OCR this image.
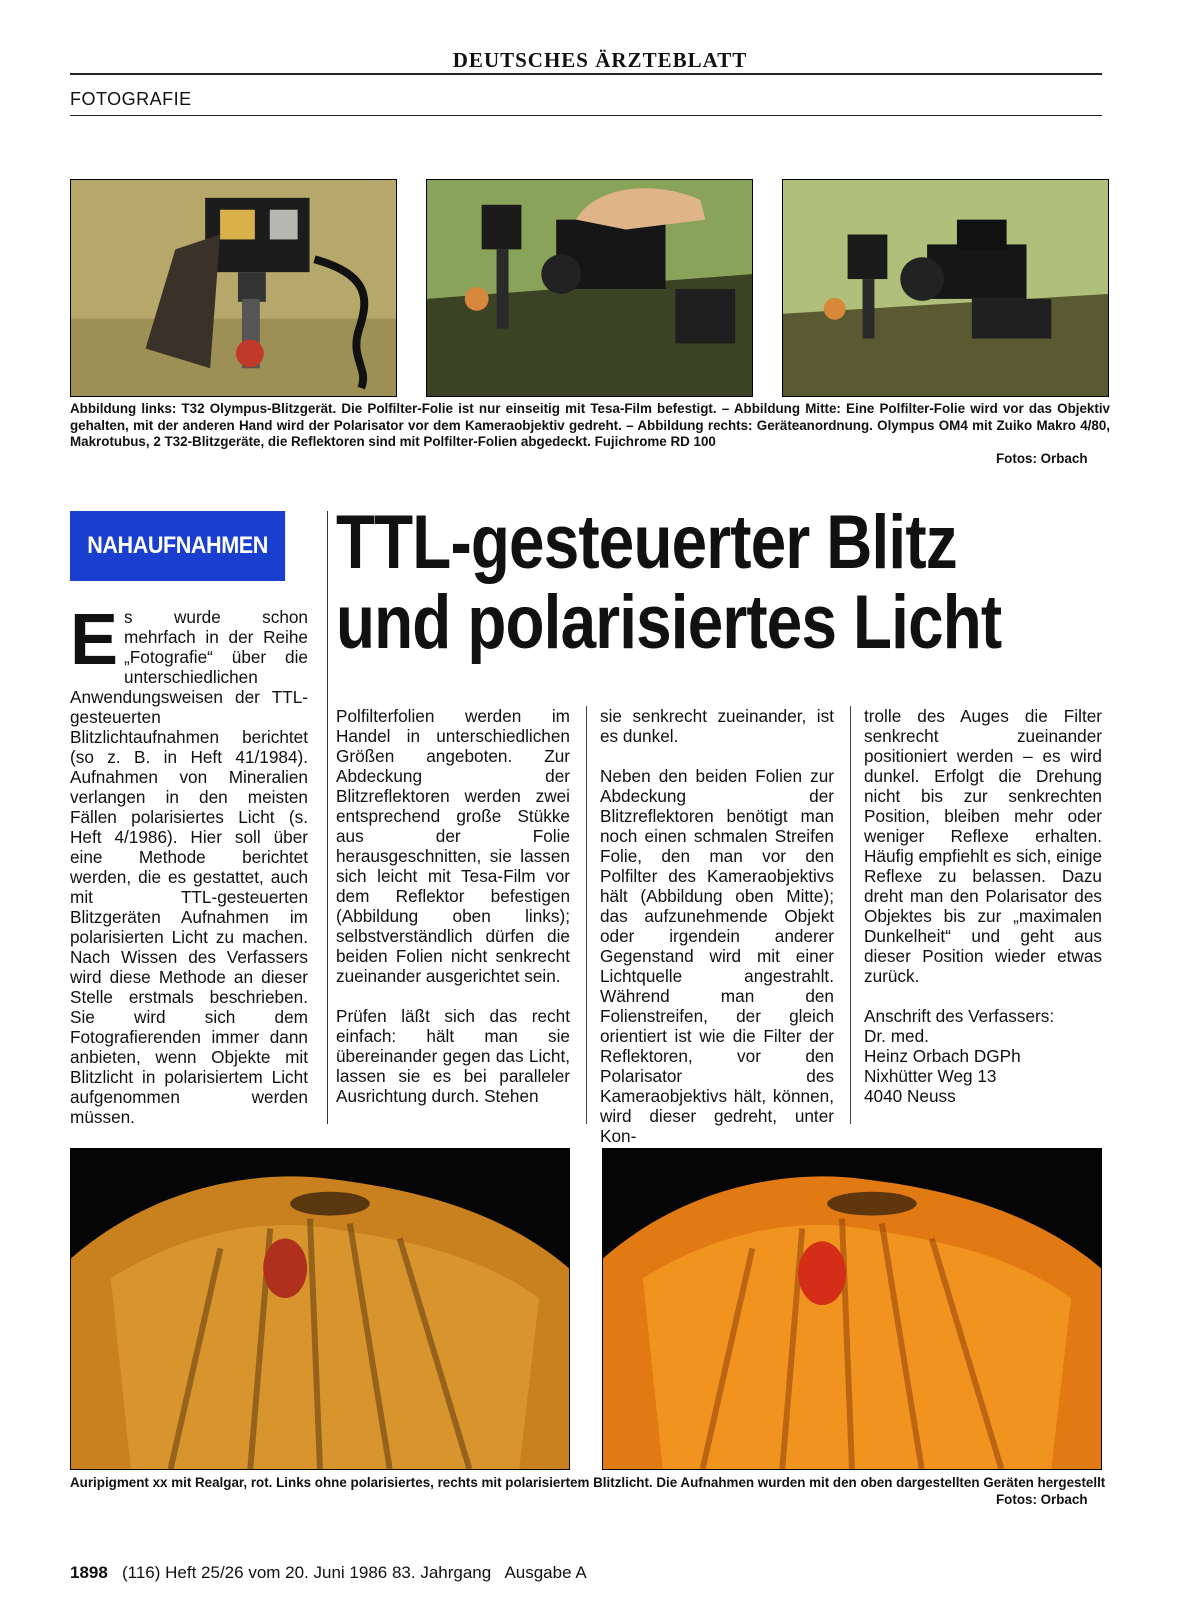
DEUTSCHES ÄRZTEBLATT
FOTOGRAFIE
Abbildung links: T32 Olympus-Blitzgerät. Die Polfilter-Folie ist nur einseitig mit Tesa-Film befestigt. – Abbildung Mitte: Eine Polfilter-Folie wird vor das Objektiv gehalten, mit der anderen Hand wird der Polarisator vor dem Kameraobjektiv gedreht. – Abbildung rechts: Geräteanordnung. Olympus OM4 mit Zuiko Makro 4/80, Makrotubus, 2 T32-Blitzgeräte, die Reflektoren sind mit Polfilter-Folien abgedeckt. Fujichrome RD 100
Fotos: Orbach
NAHAUFNAHMEN TTL-gesteuerter Blitz
und polarisiertes Licht

Es wurde schon mehrfach in der Reihe „Fotografie“ über die unterschiedlichen Anwendungsweisen der TTL-gesteuerten Blitzlichtaufnahmen berichtet (so z. B. in Heft 41/1984). Aufnahmen von Mineralien verlangen in den meisten Fällen polarisiertes Licht (s. Heft 4/1986). Hier soll über eine Methode berichtet werden, die es gestattet, auch mit TTL-gesteuerten Blitzgeräten Aufnahmen im polarisierten Licht zu machen. Nach Wissen des Verfassers wird diese Methode an dieser Stelle erstmals beschrieben. Sie wird sich dem Fotografierenden immer dann anbieten, wenn Objekte mit Blitzlicht in polarisiertem Licht aufgenommen werden müssen.

Polfilterfolien werden im Handel in unterschiedlichen Größen angeboten. Zur Abdeckung der Blitzreflektoren werden zwei entsprechend große Stükke aus der Folie herausgeschnitten, sie lassen sich leicht mit Tesa-Film vor dem Reflektor befestigen (Abbildung oben links); selbstverständlich dürfen die beiden Folien nicht senkrecht zueinander ausgerichtet sein.

Prüfen läßt sich das recht einfach: hält man sie übereinander gegen das Licht, lassen sie es bei paralleler Ausrichtung durch. Stehen

sie senkrecht zueinander, ist es dunkel.

Neben den beiden Folien zur Abdeckung der Blitzreflektoren benötigt man noch einen schmalen Streifen Folie, den man vor den Polfilter des Kameraobjektivs hält (Abbildung oben Mitte); das aufzunehmende Objekt oder irgendein anderer Gegenstand wird mit einer Lichtquelle angestrahlt. Während man den Folienstreifen, der gleich orientiert ist wie die Filter der Reflektoren, vor den Polarisator des Kameraobjektivs hält, können, wird dieser gedreht, unter Kon-

trolle des Auges die Filter senkrecht zueinander positioniert werden – es wird dunkel. Erfolgt die Drehung nicht bis zur senkrechten Position, bleiben mehr oder weniger Reflexe erhalten. Häufig empfiehlt es sich, einige Reflexe zu belassen. Dazu dreht man den Polarisator des Objektes bis zur „maximalen Dunkelheit“ und geht aus dieser Position wieder etwas zurück.

Anschrift des Verfassers:
Dr. med.
Heinz Orbach DGPh
Nixhütter Weg 13
4040 Neuss

Auripigment xx mit Realgar, rot. Links ohne polarisiertes, rechts mit polarisiertem Blitzlicht. Die Aufnahmen wurden mit den oben dargestellten Geräten hergestellt
Fotos: Orbach
1898 (116) Heft 25/26 vom 20. Juni 1986 83. Jahrgang Ausgabe A
